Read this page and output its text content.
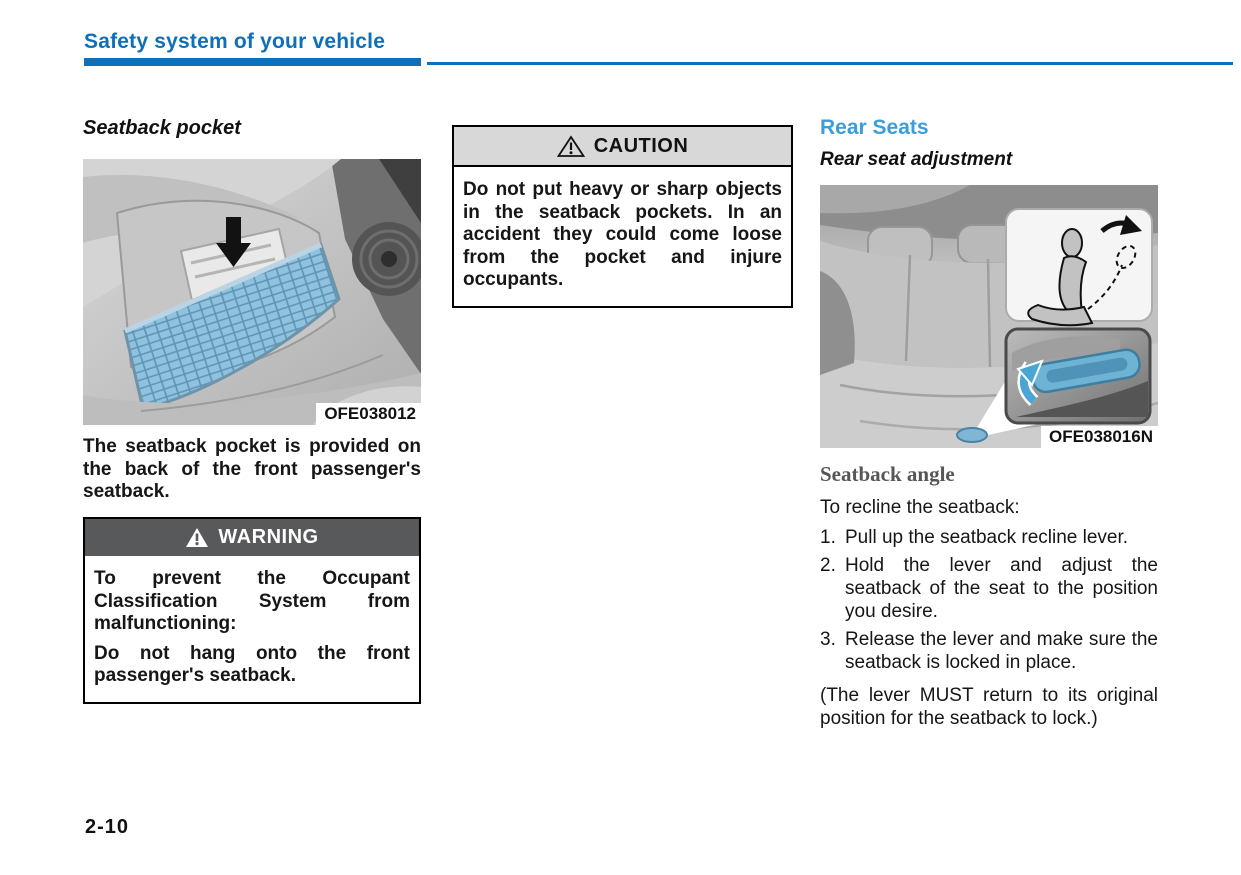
Safety system of your vehicle
Seatback pocket
OFE038012
The seatback pocket is provided on the back of the front passenger's seatback.
WARNING

To prevent the Occupant Classification System from malfunctioning:

Do not hang onto the front passenger's seatback.

CAUTION

Do not put heavy or sharp objects in the seatback pockets. In an accident they could come loose from the pocket and injure occupants.

Rear Seats
Rear seat adjustment
OFE038016N
Seatback angle

To recline the seatback:

1. Pull up the seatback recline lever.
2. Hold the lever and adjust the seatback of the seat to the position you desire.
3. Release the lever and make sure the seatback is locked in place.

(The lever MUST return to its original position for the seatback to lock.)

2-10
